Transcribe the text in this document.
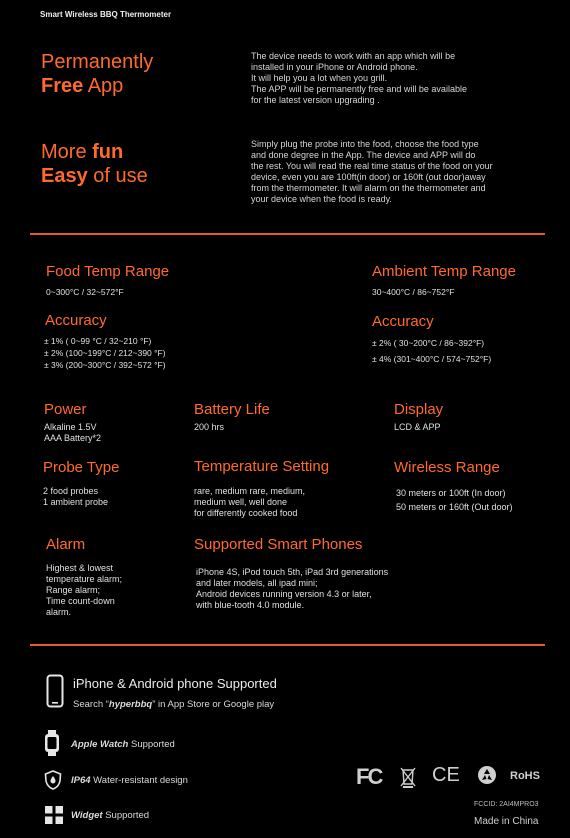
Smart Wireless BBQ Thermometer
Permanently
Free App
The device needs to work with an app which will be
installed in your iPhone or Android phone.
It will help you a lot when you grill.
The APP will be permanently free and will be available
for the latest version upgrading .
More fun
Easy of use
Simply plug the probe into the food, choose the food type
and done degree in the App. The device and APP will do
the rest. You will read the real time status of the food on your
device, even you are 100ft(in door) or 160ft (out door)away
from the thermometer. It will alarm on the thermometer and
your device when the food is ready.
Food Temp Range
0~300°C / 32~572°F
Ambient Temp Range
30~400°C / 86~752°F
Accuracy
± 1% ( 0~99 °C / 32~210 °F)
± 2% (100~199°C / 212~390 °F)
± 3% (200~300°C / 392~572 °F)
Accuracy
± 2% ( 30~200°C / 86~392°F)
± 4% (301~400°C / 574~752°F)
Power
Alkaline 1.5V
AAA Battery*2
Battery Life
200 hrs
Display
LCD & APP
Probe Type
2 food probes
1 ambient probe
Temperature Setting
rare, medium rare, medium,
medium well, well done
for differently cooked food
Wireless Range
30 meters or 100ft (In door)
50 meters or 160ft (Out door)
Alarm
Highest & lowest
temperature alarm;
Range alarm;
Time count-down
alarm.
Supported Smart Phones
iPhone 4S, iPod touch 5th, iPad 3rd generations
and later models, all ipad mini;
Android devices running version 4.3 or later,
with blue-tooth 4.0 module.
iPhone & Android phone Supported
Search “hyperbbq” in App Store or Google play
Apple Watch Supported
IP64 Water-resistant design
Widget Supported
FC	CE	RoHS
FCCID: 2AI4MPRO3
Made in China
